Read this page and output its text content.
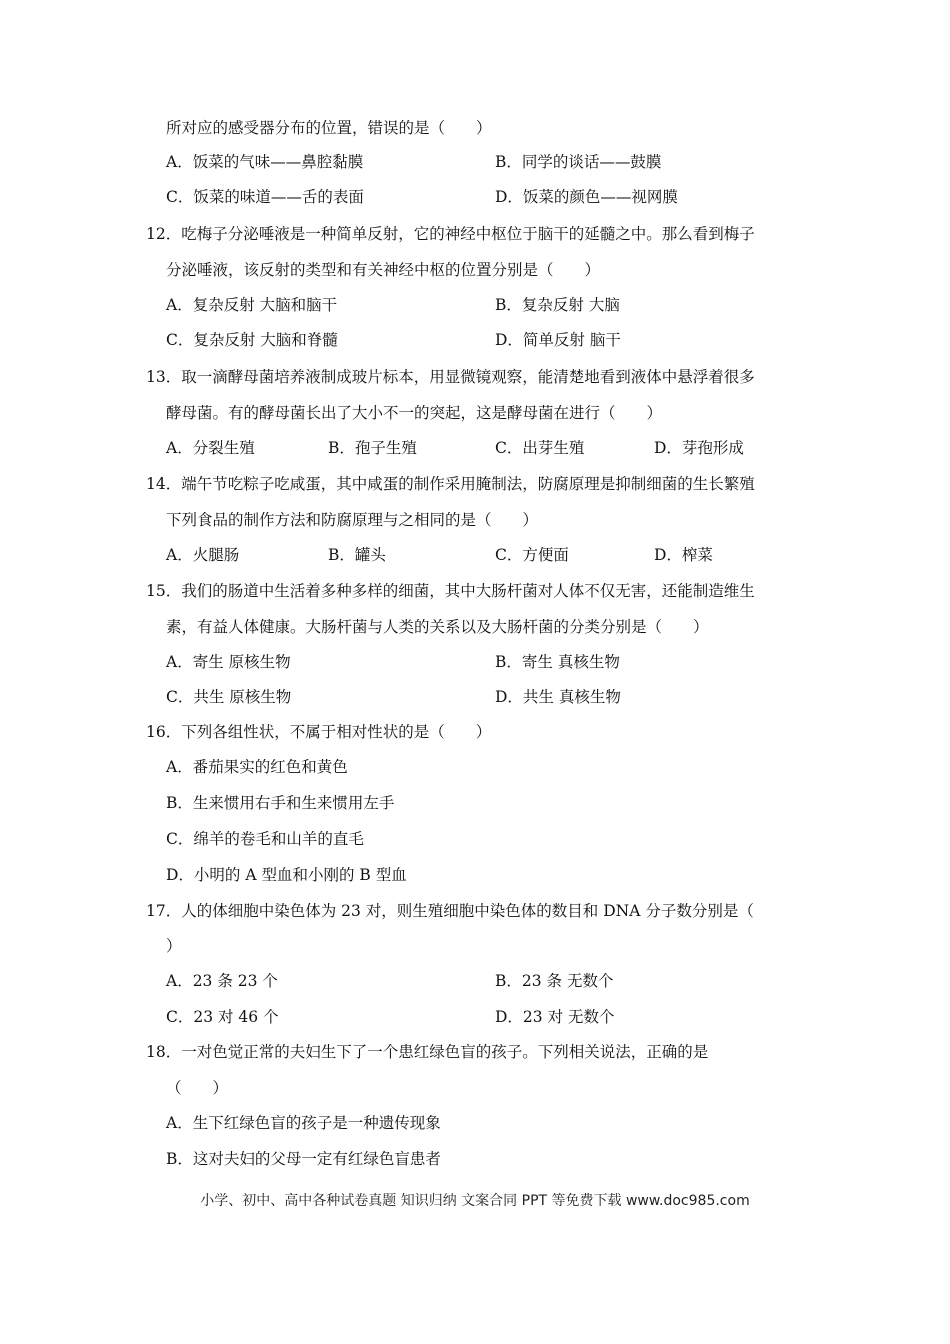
所对应的感受器分布的位置，错误的是（　　）
A．饭菜的气味——鼻腔黏膜	B．同学的谈话——鼓膜
C．饭菜的味道——舌的表面	D．饭菜的颜色——视网膜
12．吃梅子分泌唾液是一种简单反射，它的神经中枢位于脑干的延髓之中。那么看到梅子
分泌唾液，该反射的类型和有关神经中枢的位置分别是（　　）
A．复杂反射 大脑和脑干	B．复杂反射 大脑
C．复杂反射 大脑和脊髓	D．简单反射 脑干
13．取一滴酵母菌培养液制成玻片标本，用显微镜观察，能清楚地看到液体中悬浮着很多
酵母菌。有的酵母菌长出了大小不一的突起，这是酵母菌在进行（　　）
A．分裂生殖	B．孢子生殖	C．出芽生殖	D．芽孢形成
14．端午节吃粽子吃咸蛋，其中咸蛋的制作采用腌制法，防腐原理是抑制细菌的生长繁殖
下列食品的制作方法和防腐原理与之相同的是（　　）
A．火腿肠	B．罐头	C．方便面	D．榨菜
15．我们的肠道中生活着多种多样的细菌，其中大肠杆菌对人体不仅无害，还能制造维生
素，有益人体健康。大肠杆菌与人类的关系以及大肠杆菌的分类分别是（　　）
A．寄生 原核生物	B．寄生 真核生物
C．共生 原核生物	D．共生 真核生物
16．下列各组性状，不属于相对性状的是（　　）
A．番茄果实的红色和黄色
B．生来惯用右手和生来惯用左手
C．绵羊的卷毛和山羊的直毛
D．小明的 A 型血和小刚的 B 型血
17．人的体细胞中染色体为 23 对，则生殖细胞中染色体的数目和 DNA 分子数分别是（
）
A．23 条 23 个	B．23 条 无数个
C．23 对 46 个	D．23 对 无数个
18．一对色觉正常的夫妇生下了一个患红绿色盲的孩子。下列相关说法，正确的是
（　　）
A．生下红绿色盲的孩子是一种遗传现象
B．这对夫妇的父母一定有红绿色盲患者
小学、初中、高中各种试卷真题 知识归纳 文案合同 PPT 等免费下载 www.doc985.com
